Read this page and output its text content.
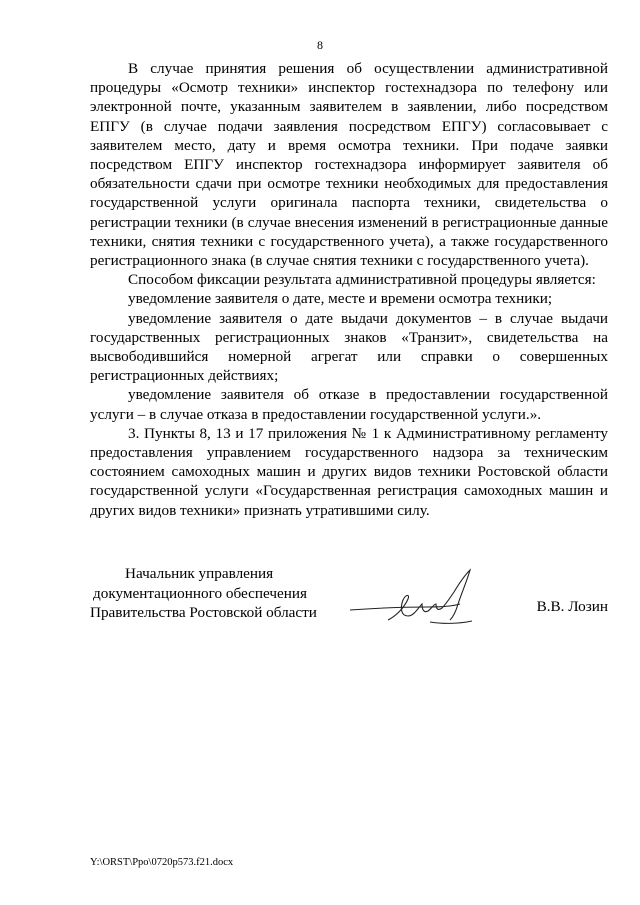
8

В случае принятия решения об осуществлении административной процедуры «Осмотр техники» инспектор гостехнадзора по телефону или электронной почте, указанным заявителем в заявлении, либо посредством ЕПГУ (в случае подачи заявления посредством ЕПГУ) согласовывает с заявителем место, дату и время осмотра техники. При подаче заявки посредством ЕПГУ инспектор гостехнадзора информирует заявителя об обязательности сдачи при осмотре техники необходимых для предоставления государственной услуги оригинала паспорта техники, свидетельства о регистрации техники (в случае внесения изменений в регистрационные данные техники, снятия техники с государственного учета), а также государственного регистрационного знака (в случае снятия техники с государственного учета).

Способом фиксации результата административной процедуры является:

уведомление заявителя о дате, месте и времени осмотра техники;

уведомление заявителя о дате выдачи документов – в случае выдачи государственных регистрационных знаков «Транзит», свидетельства на высвободившийся номерной агрегат или справки о совершенных регистрационных действиях;

уведомление заявителя об отказе в предоставлении государственной услуги – в случае отказа в предоставлении государственной услуги.».

3. Пункты 8, 13 и 17 приложения № 1 к Административному регламенту предоставления управлением государственного надзора за техническим состоянием самоходных машин и других видов техники Ростовской области государственной услуги «Государственная регистрация самоходных машин и других видов техники» признать утратившими силу.

Начальник управления
документационного обеспечения
Правительства Ростовской области	В.В. Лозин
Y:\ORST\Ppo\0720p573.f21.docx
